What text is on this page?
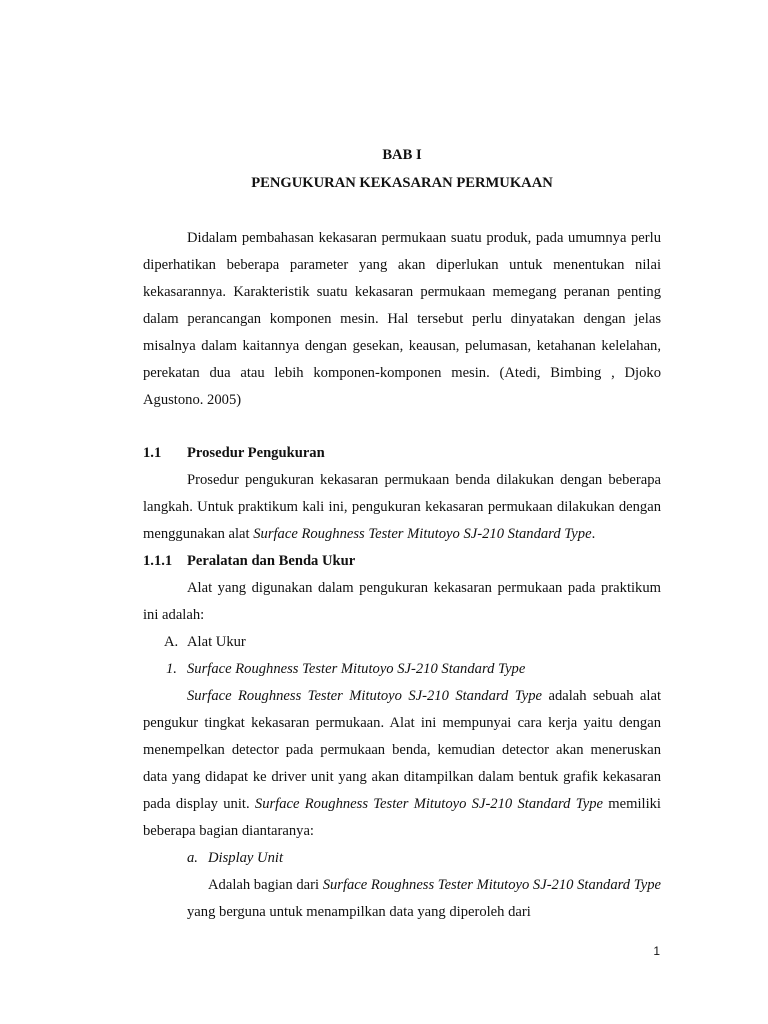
BAB I
PENGUKURAN KEKASARAN PERMUKAAN

Didalam pembahasan kekasaran permukaan suatu produk, pada umumnya perlu diperhatikan beberapa parameter yang akan diperlukan untuk menentukan nilai kekasarannya. Karakteristik suatu kekasaran permukaan memegang peranan penting dalam perancangan komponen mesin. Hal tersebut perlu dinyatakan dengan jelas misalnya dalam kaitannya dengan gesekan, keausan, pelumasan, ketahanan kelelahan, perekatan dua atau lebih komponen-komponen mesin. (Atedi, Bimbing , Djoko Agustono. 2005)

1.1	Prosedur Pengukuran

Prosedur pengukuran kekasaran permukaan benda dilakukan dengan beberapa langkah. Untuk praktikum kali ini, pengukuran kekasaran permukaan dilakukan dengan menggunakan alat Surface Roughness Tester Mitutoyo SJ-210 Standard Type.

1.1.1	Peralatan dan Benda Ukur

Alat yang digunakan dalam pengukuran kekasaran permukaan pada praktikum ini adalah:

A. Alat Ukur
1. Surface Roughness Tester Mitutoyo SJ-210 Standard Type

Surface Roughness Tester Mitutoyo SJ-210 Standard Type adalah sebuah alat pengukur tingkat kekasaran permukaan. Alat ini mempunyai cara kerja yaitu dengan menempelkan detector pada permukaan benda, kemudian detector akan meneruskan data yang didapat ke driver unit yang akan ditampilkan dalam bentuk grafik kekasaran pada display unit. Surface Roughness Tester Mitutoyo SJ-210 Standard Type memiliki beberapa bagian diantaranya:

a. Display Unit

Adalah bagian dari Surface Roughness Tester Mitutoyo SJ-210 Standard Type yang berguna untuk menampilkan data yang diperoleh dari

1
